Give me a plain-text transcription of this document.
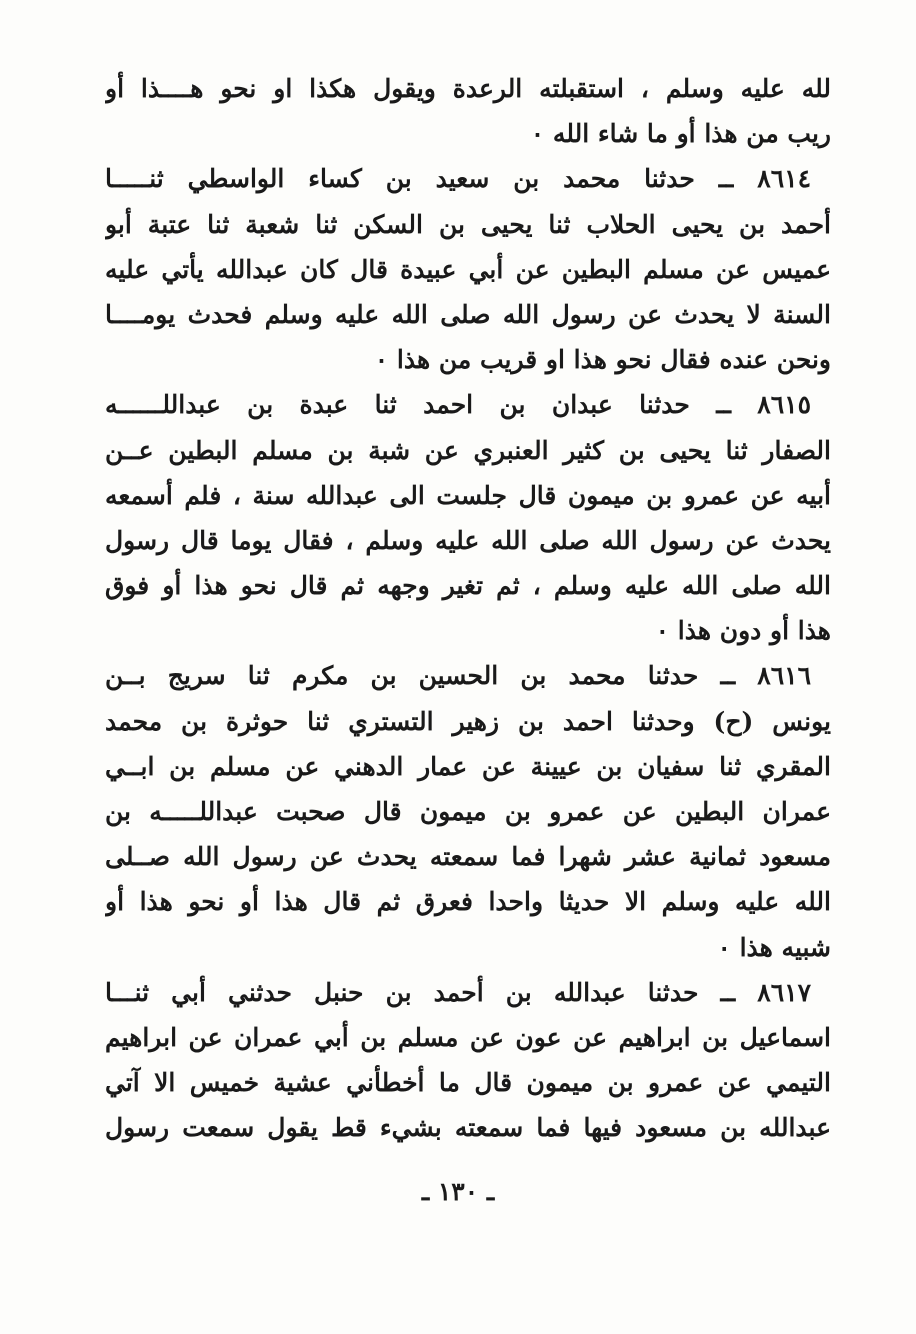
لله عليه وسلم ، استقبلته الرعدة ويقول هكذا او نحو هــــذا أو
ريب من هذا أو ما شاء الله ٠
٨٦١٤ ــ حدثنا محمد بن سعيد بن كساء الواسطي ثنـــــا
أحمد بن يحيى الحلاب ثنا يحيى بن السكن ثنا شعبة ثنا عتبة أبو
عميس عن مسلم البطين عن أبي عبيدة قال كان عبدالله يأتي عليه
السنة لا يحدث عن رسول الله صلى الله عليه وسلم فحدث يومــــا
ونحن عنده فقال نحو هذا او قريب من هذا ٠
٨٦١٥ ــ حدثنا عبدان بن احمد ثنا عبدة بن عبداللــــــه
الصفار ثنا يحيى بن كثير العنبري عن شبة بن مسلم البطين عــن
أبيه عن عمرو بن ميمون قال جلست الى عبدالله سنة ، فلم أسمعه
يحدث عن رسول الله صلى الله عليه وسلم ، فقال يوما قال رسول
الله صلى الله عليه وسلم ، ثم تغير وجهه ثم قال نحو هذا أو فوق
هذا أو دون هذا ٠
٨٦١٦ ــ حدثنا محمد بن الحسين بن مكرم ثنا سريج بــن
يونس (ح) وحدثنا احمد بن زهير التستري ثنا حوثرة بن محمد
المقري ثنا سفيان بن عيينة عن عمار الدهني عن مسلم بن ابــي
عمران البطين عن عمرو بن ميمون قال صحبت عبداللـــــه بن
مسعود ثمانية عشر شهرا فما سمعته يحدث عن رسول الله صــلى
الله عليه وسلم الا حديثا واحدا فعرق ثم قال هذا أو نحو هذا أو
شبيه هذا ٠
٨٦١٧ ــ حدثنا عبدالله بن أحمد بن حنبل حدثني أبي ثنـــا
اسماعيل بن ابراهيم عن عون عن مسلم بن أبي عمران عن ابراهيم
التيمي عن عمرو بن ميمون قال ما أخطأني عشية خميس الا آتي
عبدالله بن مسعود فيها فما سمعته بشيء قط يقول سمعت رسول
ـ ١٣٠ ـ
